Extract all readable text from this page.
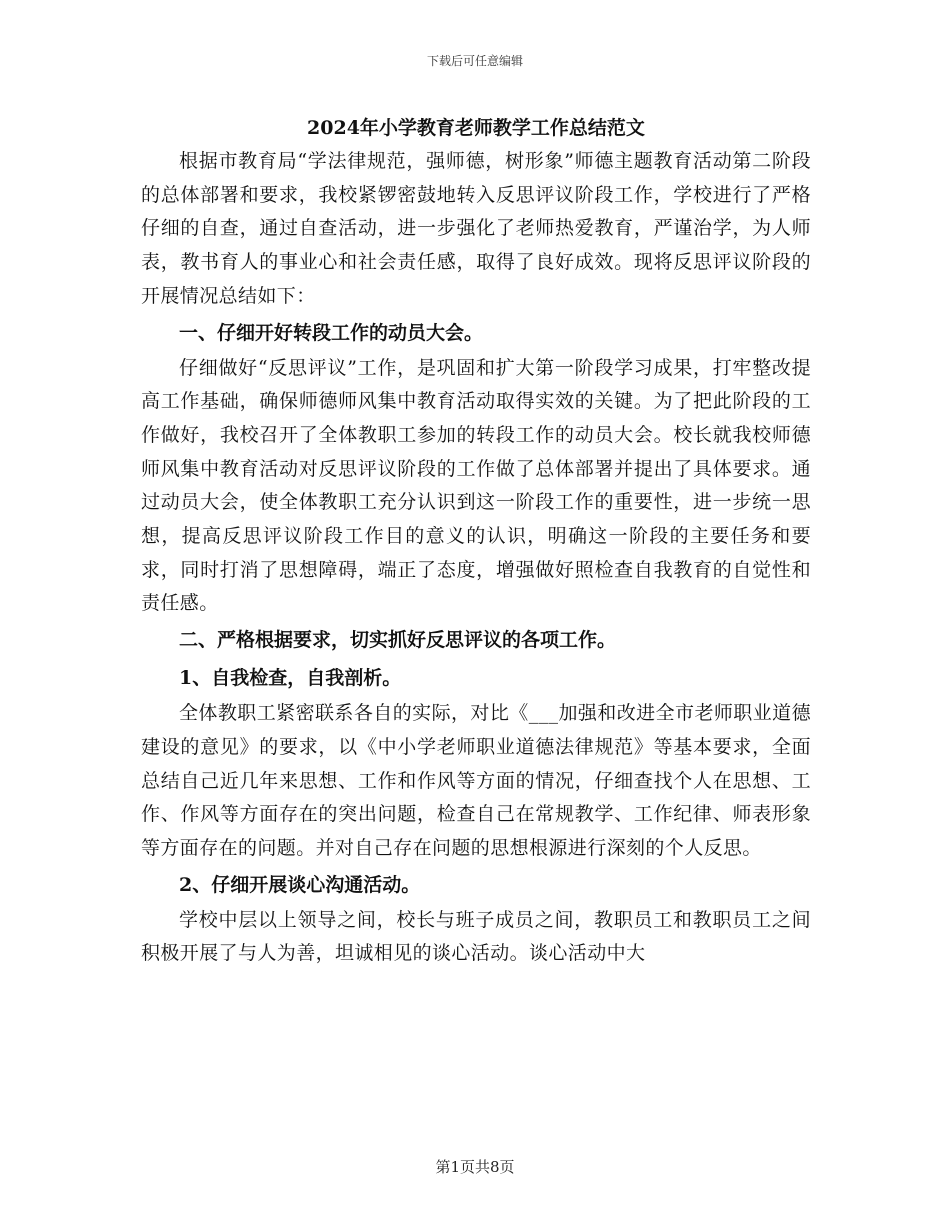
下载后可任意编辑
2024年小学教育老师教学工作总结范文

根据市教育局“学法律规范，强师德，树形象”师德主题教育活动第二阶段的总体部署和要求，我校紧锣密鼓地转入反思评议阶段工作，学校进行了严格仔细的自查，通过自查活动，进一步强化了老师热爱教育，严谨治学，为人师表，教书育人的事业心和社会责任感，取得了良好成效。现将反思评议阶段的开展情况总结如下：

一、仔细开好转段工作的动员大会。

仔细做好“反思评议”工作，是巩固和扩大第一阶段学习成果，打牢整改提高工作基础，确保师德师风集中教育活动取得实效的关键。为了把此阶段的工作做好，我校召开了全体教职工参加的转段工作的动员大会。校长就我校师德师风集中教育活动对反思评议阶段的工作做了总体部署并提出了具体要求。通过动员大会，使全体教职工充分认识到这一阶段工作的重要性，进一步统一思想，提高反思评议阶段工作目的意义的认识，明确这一阶段的主要任务和要求，同时打消了思想障碍，端正了态度，增强做好照检查自我教育的自觉性和责任感。

二、严格根据要求，切实抓好反思评议的各项工作。

1、自我检查，自我剖析。

全体教职工紧密联系各自的实际，对比《___加强和改进全市老师职业道德建设的意见》的要求，以《中小学老师职业道德法律规范》等基本要求，全面总结自己近几年来思想、工作和作风等方面的情况，仔细查找个人在思想、工作、作风等方面存在的突出问题，检查自己在常规教学、工作纪律、师表形象等方面存在的问题。并对自己存在问题的思想根源进行深刻的个人反思。

2、仔细开展谈心沟通活动。

学校中层以上领导之间，校长与班子成员之间，教职员工和教职员工之间积极开展了与人为善，坦诚相见的谈心活动。谈心活动中大

第1页共8页
